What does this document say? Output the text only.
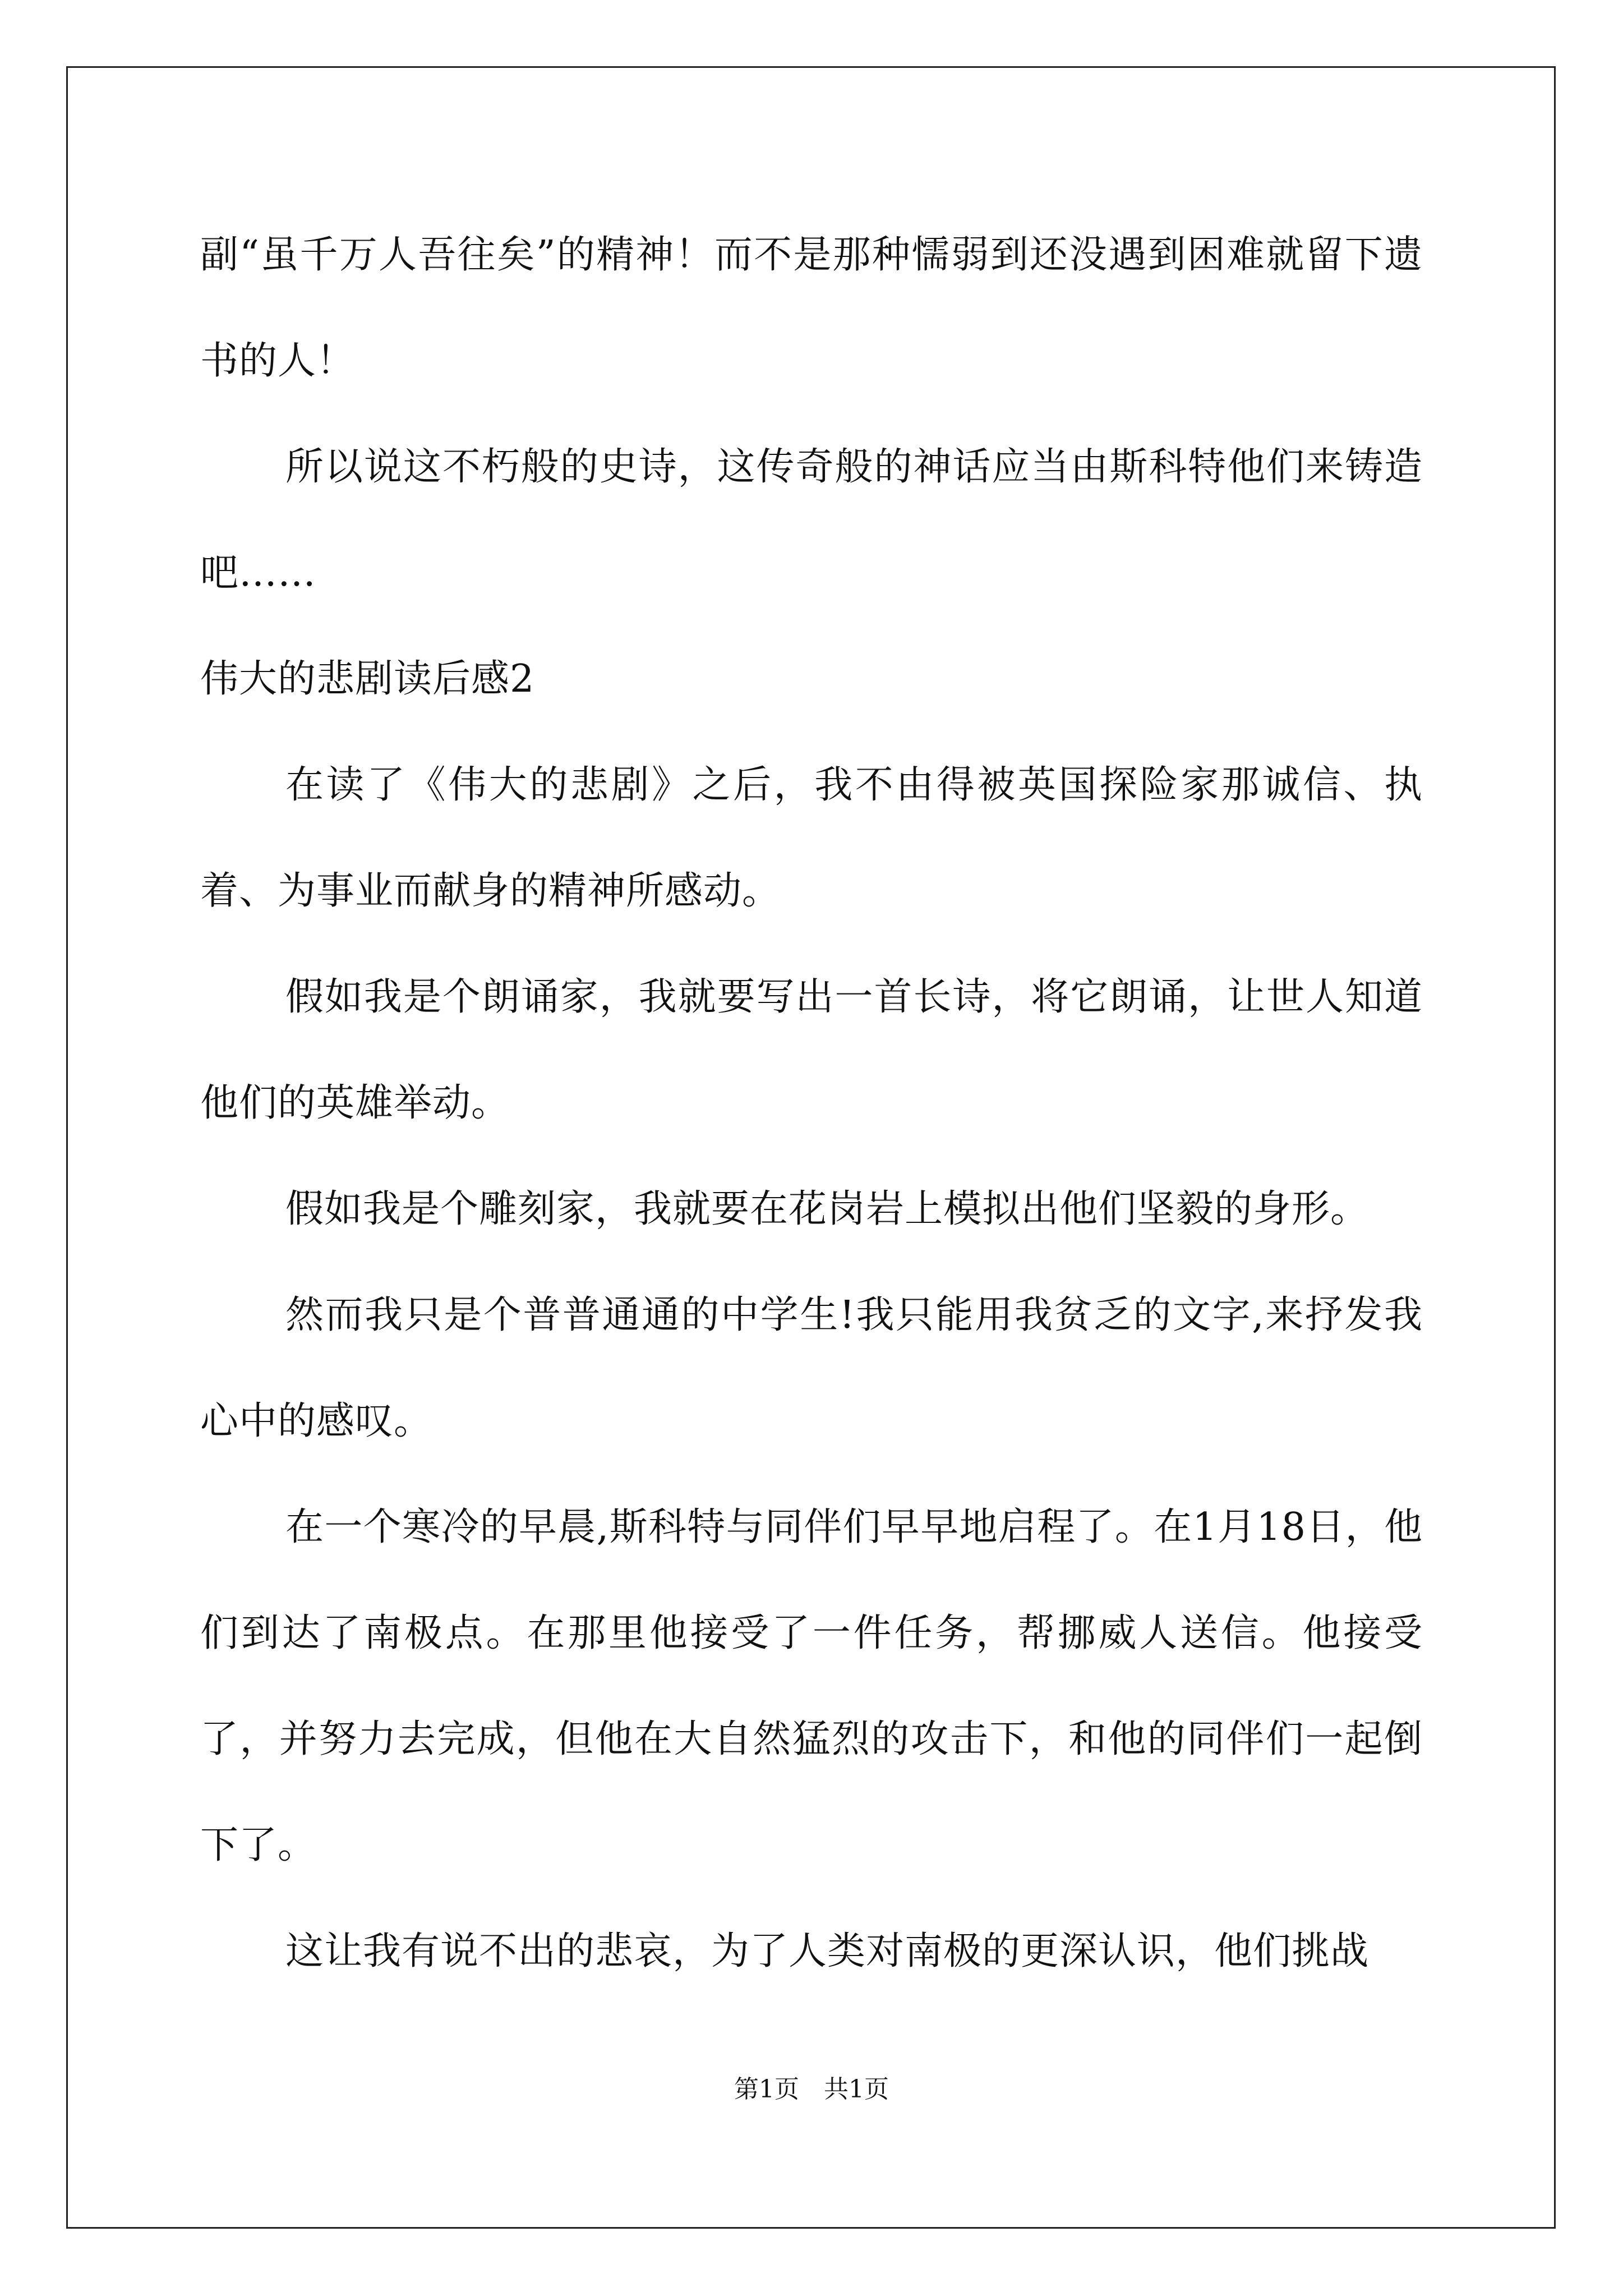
副“虽千万人吾往矣”的精神！而不是那种懦弱到还没遇到困难就留下遗书的人！

所以说这不朽般的史诗，这传奇般的神话应当由斯科特他们来铸造吧……

伟大的悲剧读后感2

在读了《伟大的悲剧》之后，我不由得被英国探险家那诚信、执着、为事业而献身的精神所感动。

假如我是个朗诵家，我就要写出一首长诗，将它朗诵，让世人知道他们的英雄举动。

假如我是个雕刻家，我就要在花岗岩上模拟出他们坚毅的身形。

然而我只是个普普通通的中学生!我只能用我贫乏的文字,来抒发我心中的感叹。

在一个寒冷的早晨,斯科特与同伴们早早地启程了。在1月18日，他们到达了南极点。在那里他接受了一件任务，帮挪威人送信。他接受了，并努力去完成，但他在大自然猛烈的攻击下，和他的同伴们一起倒下了。

这让我有说不出的悲哀，为了人类对南极的更深认识，他们挑战

第1页　共1页
